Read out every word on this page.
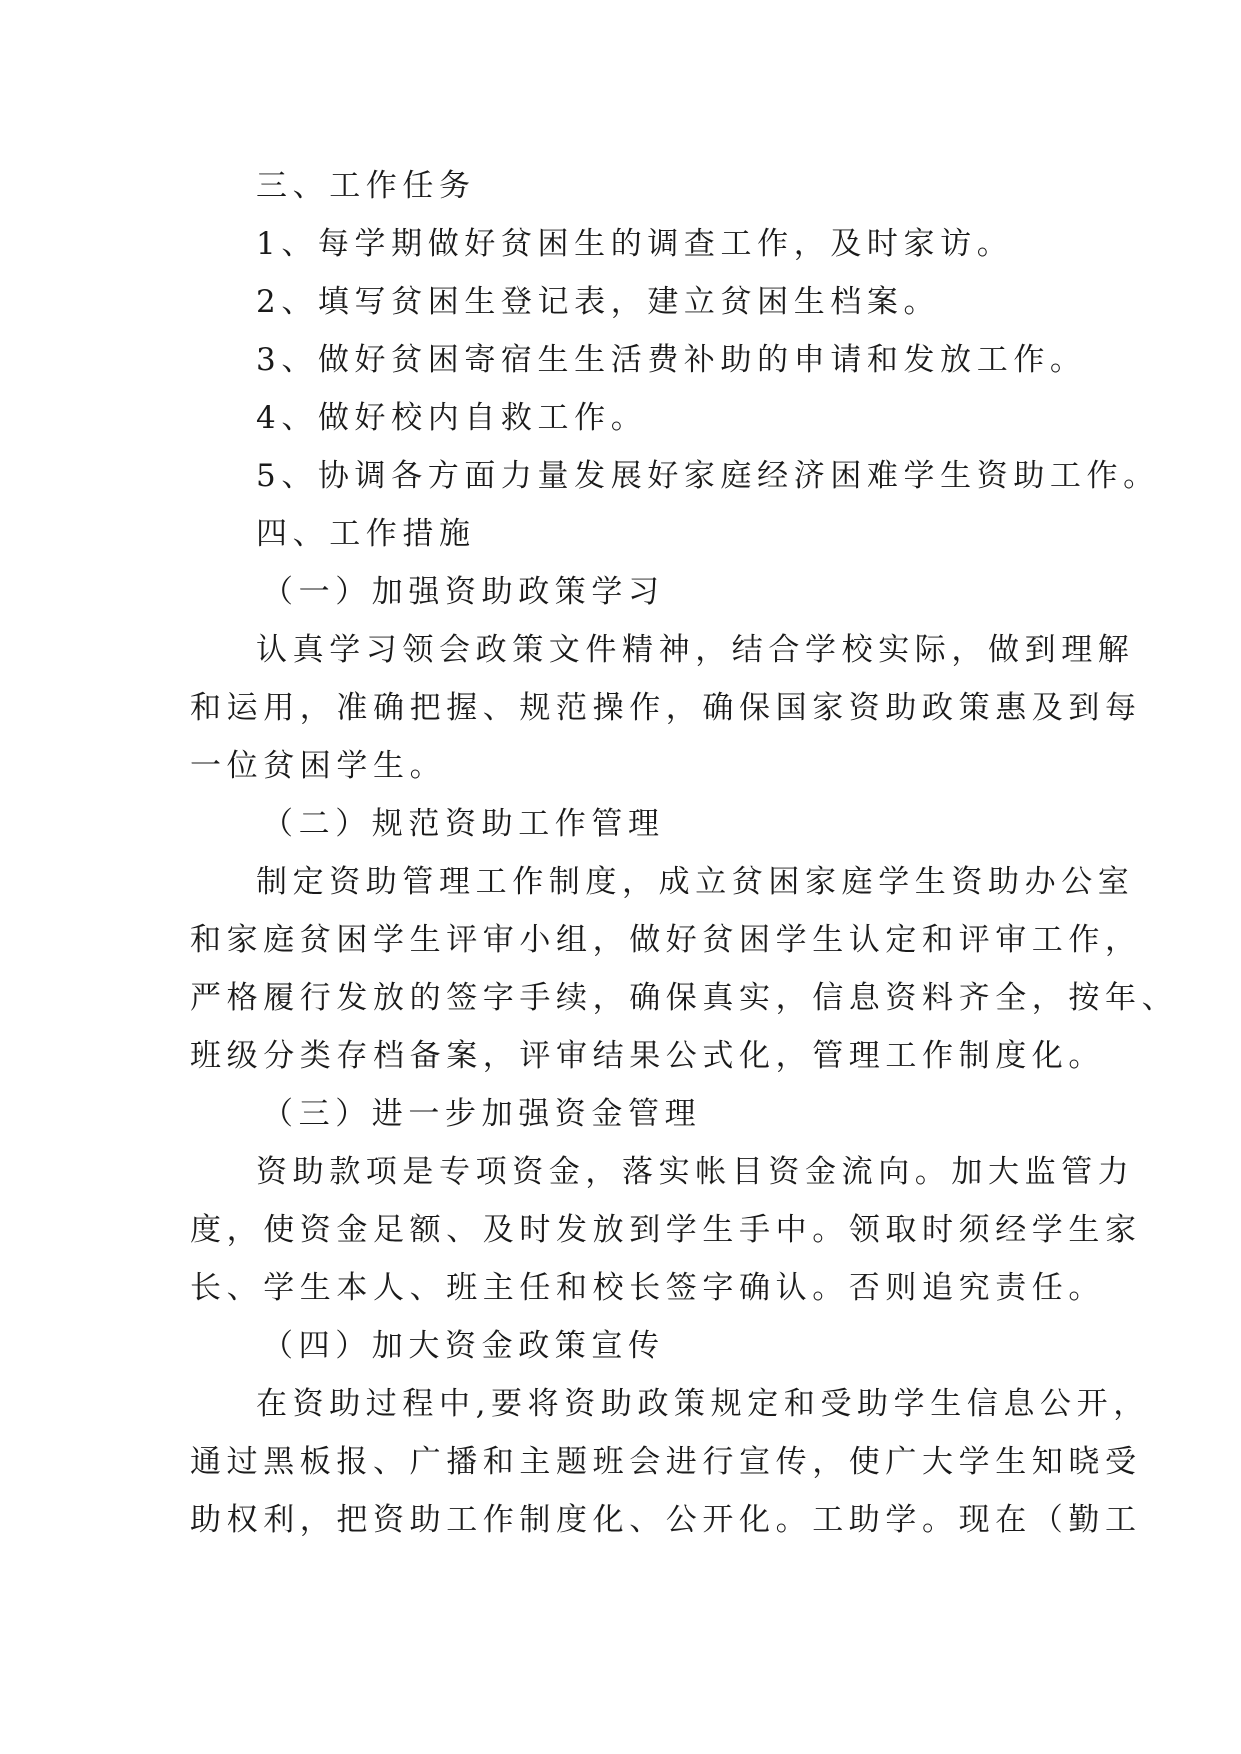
三、工作任务
1、每学期做好贫困生的调查工作，及时家访。
2、填写贫困生登记表，建立贫困生档案。
3、做好贫困寄宿生生活费补助的申请和发放工作。
4、做好校内自救工作。
5、协调各方面力量发展好家庭经济困难学生资助工作。
四、工作措施
（一）加强资助政策学习
认真学习领会政策文件精神，结合学校实际，做到理解
和运用，准确把握、规范操作，确保国家资助政策惠及到每
一位贫困学生。
（二）规范资助工作管理
制定资助管理工作制度，成立贫困家庭学生资助办公室
和家庭贫困学生评审小组，做好贫困学生认定和评审工作，
严格履行发放的签字手续，确保真实，信息资料齐全，按年、
班级分类存档备案，评审结果公式化，管理工作制度化。
（三）进一步加强资金管理
资助款项是专项资金，落实帐目资金流向。加大监管力
度，使资金足额、及时发放到学生手中。领取时须经学生家
长、学生本人、班主任和校长签字确认。否则追究责任。
（四）加大资金政策宣传
在资助过程中,要将资助政策规定和受助学生信息公开，
通过黑板报、广播和主题班会进行宣传，使广大学生知晓受
助权利，把资助工作制度化、公开化。工助学。现在（勤工
